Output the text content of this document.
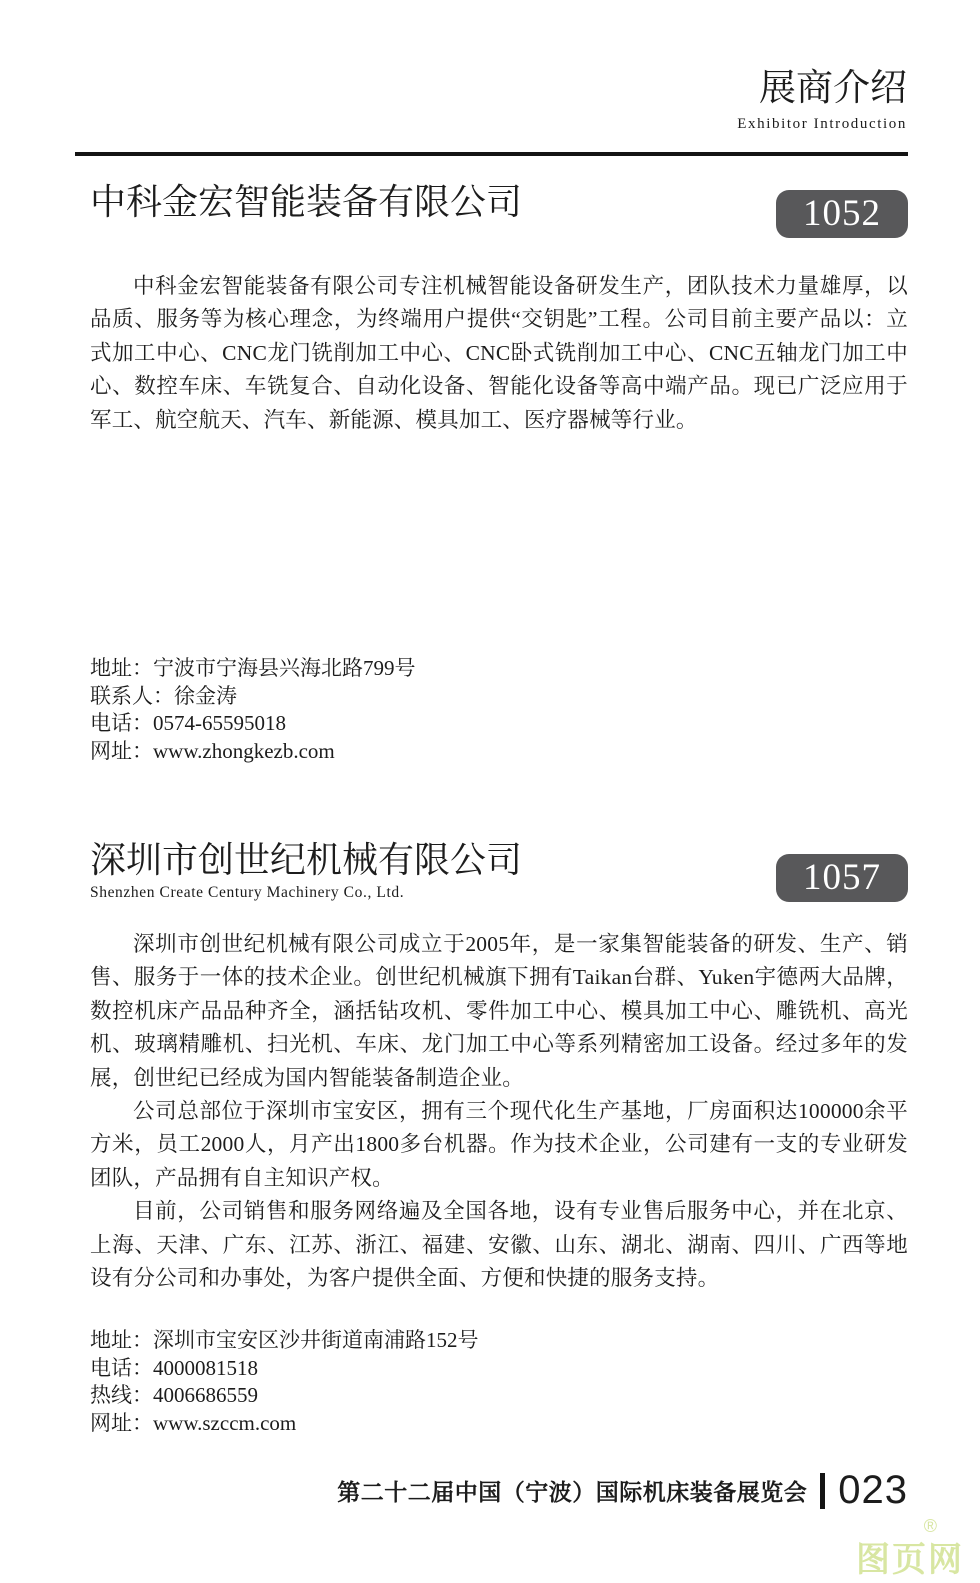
展商介绍
Exhibitor Introduction
中科金宏智能装备有限公司	1052

中科金宏智能装备有限公司专注机械智能设备研发生产，团队技术力量雄厚，以品质、服务等为核心理念，为终端用户提供“交钥匙”工程。公司目前主要产品以：立式加工中心、CNC龙门铣削加工中心、CNC卧式铣削加工中心、CNC五轴龙门加工中心、数控车床、车铣复合、自动化设备、智能化设备等高中端产品。现已广泛应用于军工、航空航天、汽车、新能源、模具加工、医疗器械等行业。

地址：宁波市宁海县兴海北路799号
联系人：徐金涛
电话：0574-65595018
网址：www.zhongkezb.com
深圳市创世纪机械有限公司
Shenzhen Create Century Machinery Co., Ltd.	1057

深圳市创世纪机械有限公司成立于2005年，是一家集智能装备的研发、生产、销售、服务于一体的技术企业。创世纪机械旗下拥有Taikan台群、Yuken宇德两大品牌，数控机床产品品种齐全，涵括钻攻机、零件加工中心、模具加工中心、雕铣机、高光机、玻璃精雕机、扫光机、车床、龙门加工中心等系列精密加工设备。经过多年的发展，创世纪已经成为国内智能装备制造企业。

公司总部位于深圳市宝安区，拥有三个现代化生产基地，厂房面积达100000余平方米，员工2000人，月产出1800多台机器。作为技术企业，公司建有一支的专业研发团队，产品拥有自主知识产权。

目前，公司销售和服务网络遍及全国各地，设有专业售后服务中心，并在北京、上海、天津、广东、江苏、浙江、福建、安徽、山东、湖北、湖南、四川、广西等地设有分公司和办事处，为客户提供全面、方便和快捷的服务支持。

地址：深圳市宝安区沙井街道南浦路152号
电话：4000081518
热线：4006686559
网址：www.szccm.com
第二十二届中国（宁波）国际机床装备展览会 023
®
图页网
